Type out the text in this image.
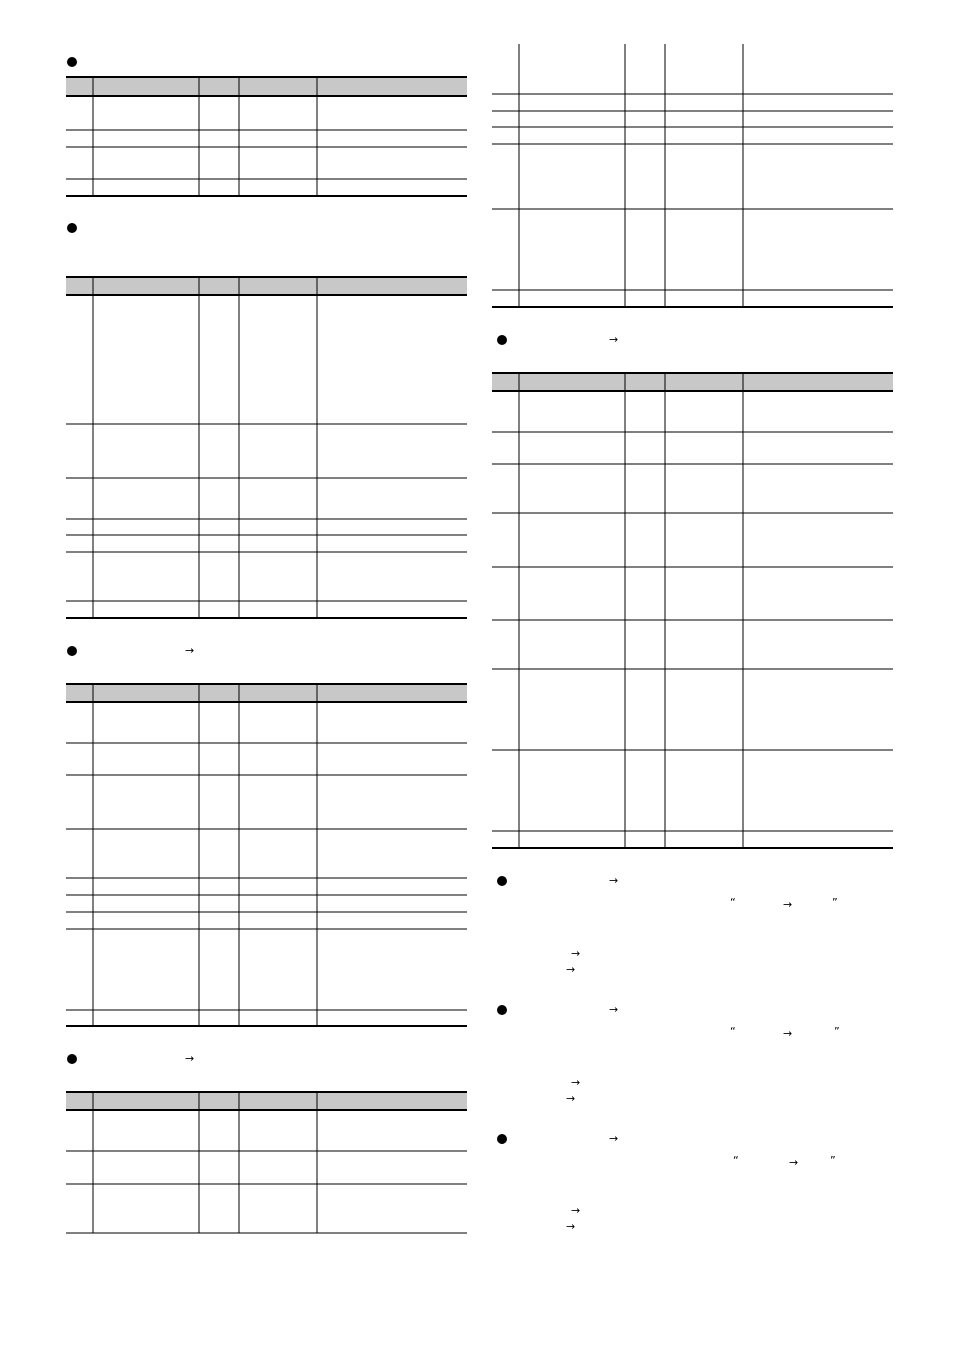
→
→
→
→
“	→	”
→
→
→
“	→	”
→
→
→
“	→	”
→
→
